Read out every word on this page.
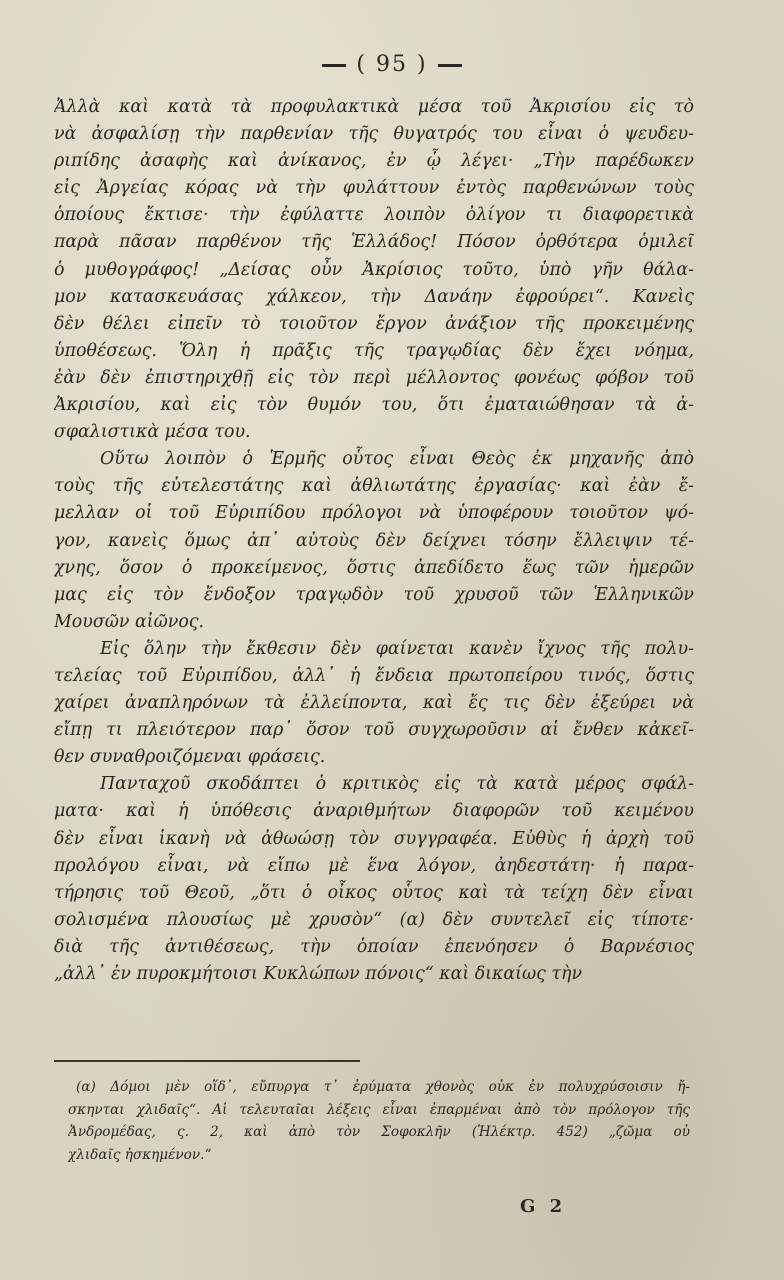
( 95 )
Ἀλλὰ καὶ κατὰ τὰ προφυλακτικὰ μέσα τοῦ Ἀκρισίου εἰς τὸ
νὰ ἀσφαλίσῃ τὴν παρθενίαν τῆς θυγατρός του εἶναι ὁ ψευδευ-
ριπίδης ἀσαφὴς καὶ ἀνίκανος, ἐν ᾧ λέγει· „Τὴν παρέδωκεν
εἰς Ἀργείας κόρας νὰ τὴν φυλάττουν ἐντὸς παρθενώνων τοὺς
ὁποίους ἔκτισε· τὴν ἐφύλαττε λοιπὸν ὀλίγον τι διαφορετικὰ
παρὰ πᾶσαν παρθένον τῆς Ἑλλάδος! Πόσον ὀρθότερα ὁμιλεῖ
ὁ μυθογράφος! „Δείσας οὖν Ἀκρίσιος τοῦτο, ὑπὸ γῆν θάλα-
μον κατασκευάσας χάλκεον, τὴν Δανάην ἐφρούρει“. Κανεὶς
δὲν θέλει εἰπεῖν τὸ τοιοῦτον ἔργον ἀνάξιον τῆς προκειμένης
ὑποθέσεως. Ὅλη ἡ πρᾶξις τῆς τραγῳδίας δὲν ἔχει νόημα,
ἐὰν δὲν ἐπιστηριχθῇ εἰς τὸν περὶ μέλλοντος φονέως φόβον τοῦ
Ἀκρισίου, καὶ εἰς τὸν θυμόν του, ὅτι ἐματαιώθησαν τὰ ἀ-
σφαλιστικὰ μέσα του.
Οὕτω λοιπὸν ὁ Ἑρμῆς οὗτος εἶναι Θεὸς ἐκ μηχανῆς ἀπὸ
τοὺς τῆς εὐτελεστάτης καὶ ἀθλιωτάτης ἐργασίας· καὶ ἐὰν ἔ-
μελλαν οἱ τοῦ Εὐριπίδου πρόλογοι νὰ ὑποφέρουν τοιοῦτον ψό-
γον, κανεὶς ὅμως ἀπ᾽ αὐτοὺς δὲν δείχνει τόσην ἔλλειψιν τέ-
χνης, ὅσον ὁ προκείμενος, ὅστις ἀπεδίδετο ἕως τῶν ἡμερῶν
μας εἰς τὸν ἔνδοξον τραγῳδὸν τοῦ χρυσοῦ τῶν Ἑλληνικῶν
Μουσῶν αἰῶνος.
Εἰς ὅλην τὴν ἔκθεσιν δὲν φαίνεται κανὲν ἴχνος τῆς πολυ-
τελείας τοῦ Εὐριπίδου, ἀλλ᾽ ἡ ἔνδεια πρωτοπείρου τινός, ὅστις
χαίρει ἀναπληρόνων τὰ ἐλλείποντα, καὶ ἔς τις δὲν ἐξεύρει νὰ
εἴπῃ τι πλειότερον παρ᾽ ὅσον τοῦ συγχωροῦσιν αἱ ἔνθεν κἀκεῖ-
θεν συναθροιζόμεναι φράσεις.
Πανταχοῦ σκοδάπτει ὁ κριτικὸς εἰς τὰ κατὰ μέρος σφάλ-
ματα· καὶ ἡ ὑπόθεσις ἀναριθμήτων διαφορῶν τοῦ κειμένου
δὲν εἶναι ἱκανὴ νὰ ἀθωώσῃ τὸν συγγραφέα. Εὐθὺς ἡ ἀρχὴ τοῦ
προλόγου εἶναι, νὰ εἴπω μὲ ἕνα λόγον, ἀηδεστάτη· ἡ παρα-
τήρησις τοῦ Θεοῦ, „ὅτι ὁ οἶκος οὗτος καὶ τὰ τείχη δὲν εἶναι
σολισμένα πλουσίως μὲ χρυσὸν“ (α) δὲν συντελεῖ εἰς τίποτε·
διὰ τῆς ἀντιθέσεως, τὴν ὁποίαν ἐπενόησεν ὁ Βαρνέσιος
„ἀλλ᾽ ἐν πυροκμήτοισι Κυκλώπων πόνοις“ καὶ δικαίως τὴν
(α) Δόμοι μὲν οἵδ᾽, εὔπυργα τ᾽ ἐρύματα χθονὸς οὐκ ἐν πολυχρύσοισιν ἤ-
σκηνται χλιδαῖς“. Αἱ τελευταῖαι λέξεις εἶναι ἐπαρμέναι ἀπὸ τὸν πρόλογον τῆς
Ἀνδρομέδας, ς. 2, καὶ ἀπὸ τὸν Σοφοκλῆν (Ἠλέκτρ. 452) „ζῶμα οὐ
χλιδαῖς ἠσκημένον.“
G 2
